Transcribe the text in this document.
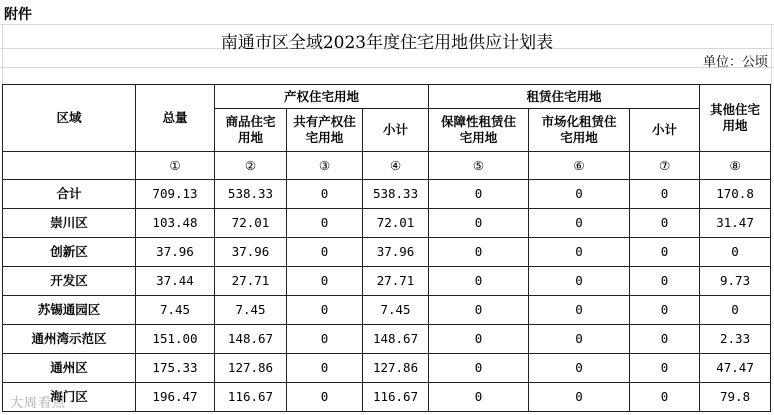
附件
南通市区全域2023年度住宅用地供应计划表
单位：公顷
区域	总量	产权住宅用地			租赁住宅用地			其他住宅用地
		商品住宅用地	共有产权住宅用地	小计	保障性租赁住宅用地	市场化租赁住宅用地	小计	
	①	②	③	④	⑤	⑥	⑦	⑧
合计	709.13	538.33	0	538.33	0	0	0	170.8
崇川区	103.48	72.01	0	72.01	0	0	0	31.47
创新区	37.96	37.96	0	37.96	0	0	0	0
开发区	37.44	27.71	0	27.71	0	0	0	9.73
苏锡通园区	7.45	7.45	0	7.45	0	0	0	0
通州湾示范区	151.00	148.67	0	148.67	0	0	0	2.33
通州区	175.33	127.86	0	127.86	0	0	0	47.47
海门区	196.47	116.67	0	116.67	0	0	0	79.8
大周看点
